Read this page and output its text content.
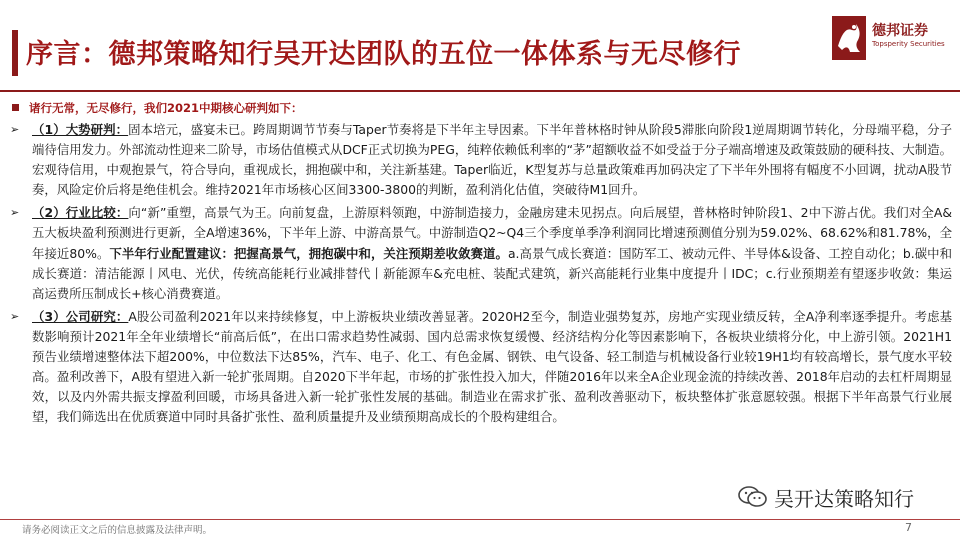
序言：德邦策略知行吴开达团队的五位一体体系与无尽修行
德邦证券
Topsperity Securities
诸行无常，无尽修行，我们2021中期核心研判如下：
➢	（1）大势研判：固本培元，盛宴未已。跨周期调节节奏与Taper节奏将是下半年主导因素。下半年普林格时钟从阶段5滞胀向阶段1逆周期调节转化，分母端平稳，分子端待信用发力。外部流动性迎来二阶导，市场估值模式从DCF正式切换为PEG，纯粹依赖低利率的“茅”超额收益不如受益于分子端高增速及政策鼓励的硬科技、大制造。宏观待信用，中观抱景气，符合导向，重视成长，拥抱碳中和，关注新基建。Taper临近，K型复苏与总量政策难再加码决定了下半年外围将有幅度不小回调，扰动A股节奏，风险定价后将是绝佳机会。维持2021年市场核心区间3300-3800的判断，盈利消化估值，突破待M1回升。
➢	（2）行业比较：向“新”重塑，高景气为王。向前复盘，上游原料领跑，中游制造接力，金融房建未见拐点。向后展望，普林格时钟阶段1、2中下游占优。我们对全A&五大板块盈利预测进行更新，全A增速36%，下半年上游、中游高景气。中游制造Q2~Q4三个季度单季净利润同比增速预测值分别为59.02%、68.62%和81.78%，全年接近80%。下半年行业配置建议：把握高景气，拥抱碳中和，关注预期差收敛赛道。a.高景气成长赛道：国防军工、被动元件、半导体&设备、工控自动化；b.碳中和成长赛道：清洁能源丨风电、光伏，传统高能耗行业减排替代丨新能源车&充电桩、装配式建筑，新兴高能耗行业集中度提升丨IDC；c.行业预期差有望逐步收敛：集运高运费所压制成长+核心消费赛道。
➢	（3）公司研究：A股公司盈利2021年以来持续修复，中上游板块业绩改善显著。2020H2至今，制造业强势复苏，房地产实现业绩反转，全A净利率逐季提升。考虑基数影响预计2021年全年业绩增长“前高后低”，在出口需求趋势性减弱、国内总需求恢复缓慢、经济结构分化等因素影响下，各板块业绩将分化，中上游引领。2021H1预告业绩增速整体法下超200%，中位数法下达85%，汽车、电子、化工、有色金属、钢铁、电气设备、轻工制造与机械设备行业较19H1均有较高增长，景气度水平较高。盈利改善下，A股有望进入新一轮扩张周期。自2020下半年起，市场的扩张性投入加大，伴随2016年以来全A企业现金流的持续改善、2018年启动的去杠杆周期显效，以及内外需共振支撑盈利回暖，市场具备进入新一轮扩张性发展的基础。制造业在需求扩张、盈利改善驱动下，板块整体扩张意愿较强。根据下半年高景气行业展望，我们筛选出在优质赛道中同时具备扩张性、盈利质量提升及业绩预期高成长的个股构建组合。
吴开达策略知行
请务必阅读正文之后的信息披露及法律声明。	7
